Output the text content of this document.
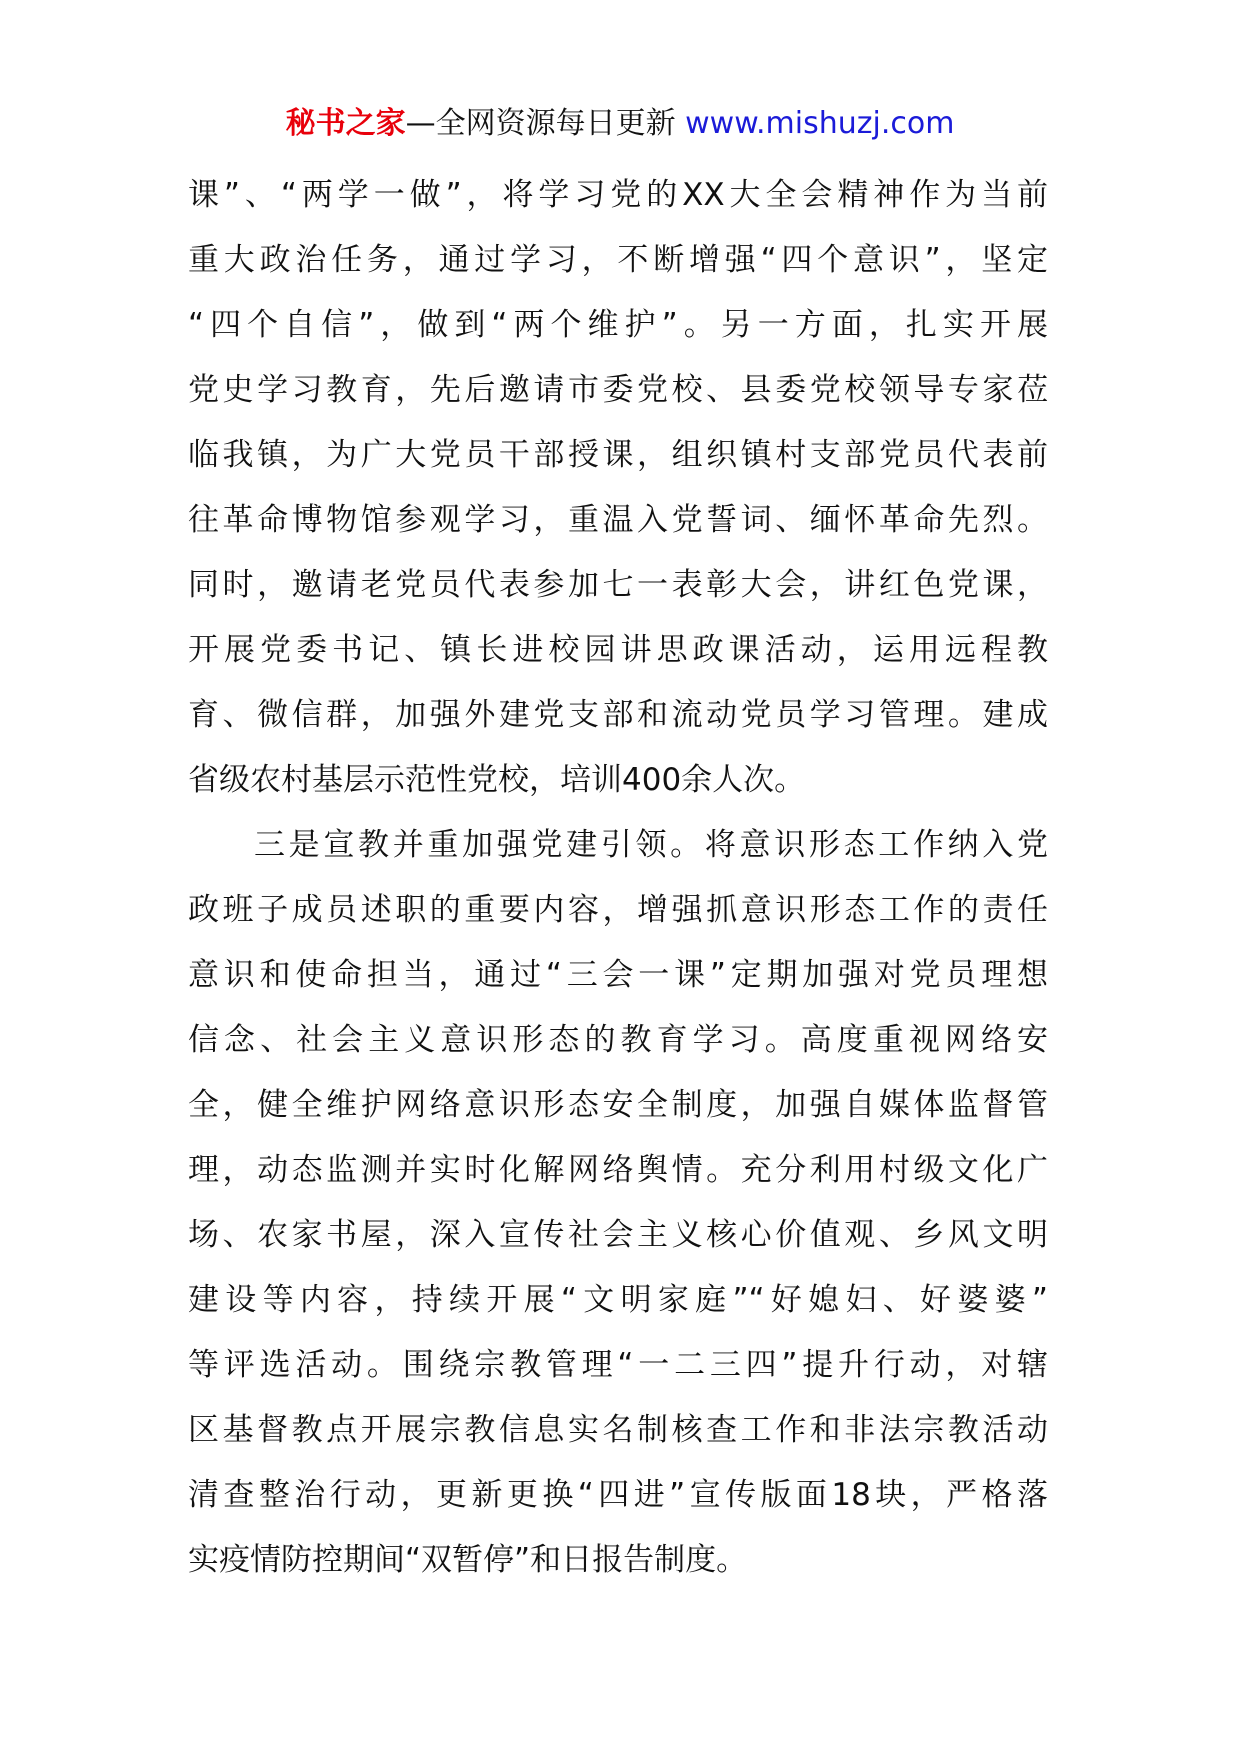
秘书之家—全网资源每日更新 www.mishuzj.com
课”、“两学一做”，将学习党的XX大全会精神作为当前
重大政治任务，通过学习，不断增强“四个意识”，坚定
“四个自信”，做到“两个维护”。另一方面，扎实开展
党史学习教育，先后邀请市委党校、县委党校领导专家莅
临我镇，为广大党员干部授课，组织镇村支部党员代表前
往革命博物馆参观学习，重温入党誓词、缅怀革命先烈。
同时，邀请老党员代表参加七一表彰大会，讲红色党课，
开展党委书记、镇长进校园讲思政课活动，运用远程教
育、微信群，加强外建党支部和流动党员学习管理。建成
省级农村基层示范性党校，培训400余人次。
三是宣教并重加强党建引领。将意识形态工作纳入党
政班子成员述职的重要内容，增强抓意识形态工作的责任
意识和使命担当，通过“三会一课”定期加强对党员理想
信念、社会主义意识形态的教育学习。高度重视网络安
全，健全维护网络意识形态安全制度，加强自媒体监督管
理，动态监测并实时化解网络舆情。充分利用村级文化广
场、农家书屋，深入宣传社会主义核心价值观、乡风文明
建设等内容，持续开展“文明家庭”“好媳妇、好婆婆”
等评选活动。围绕宗教管理“一二三四”提升行动，对辖
区基督教点开展宗教信息实名制核查工作和非法宗教活动
清查整治行动，更新更换“四进”宣传版面18块，严格落
实疫情防控期间“双暂停”和日报告制度。
